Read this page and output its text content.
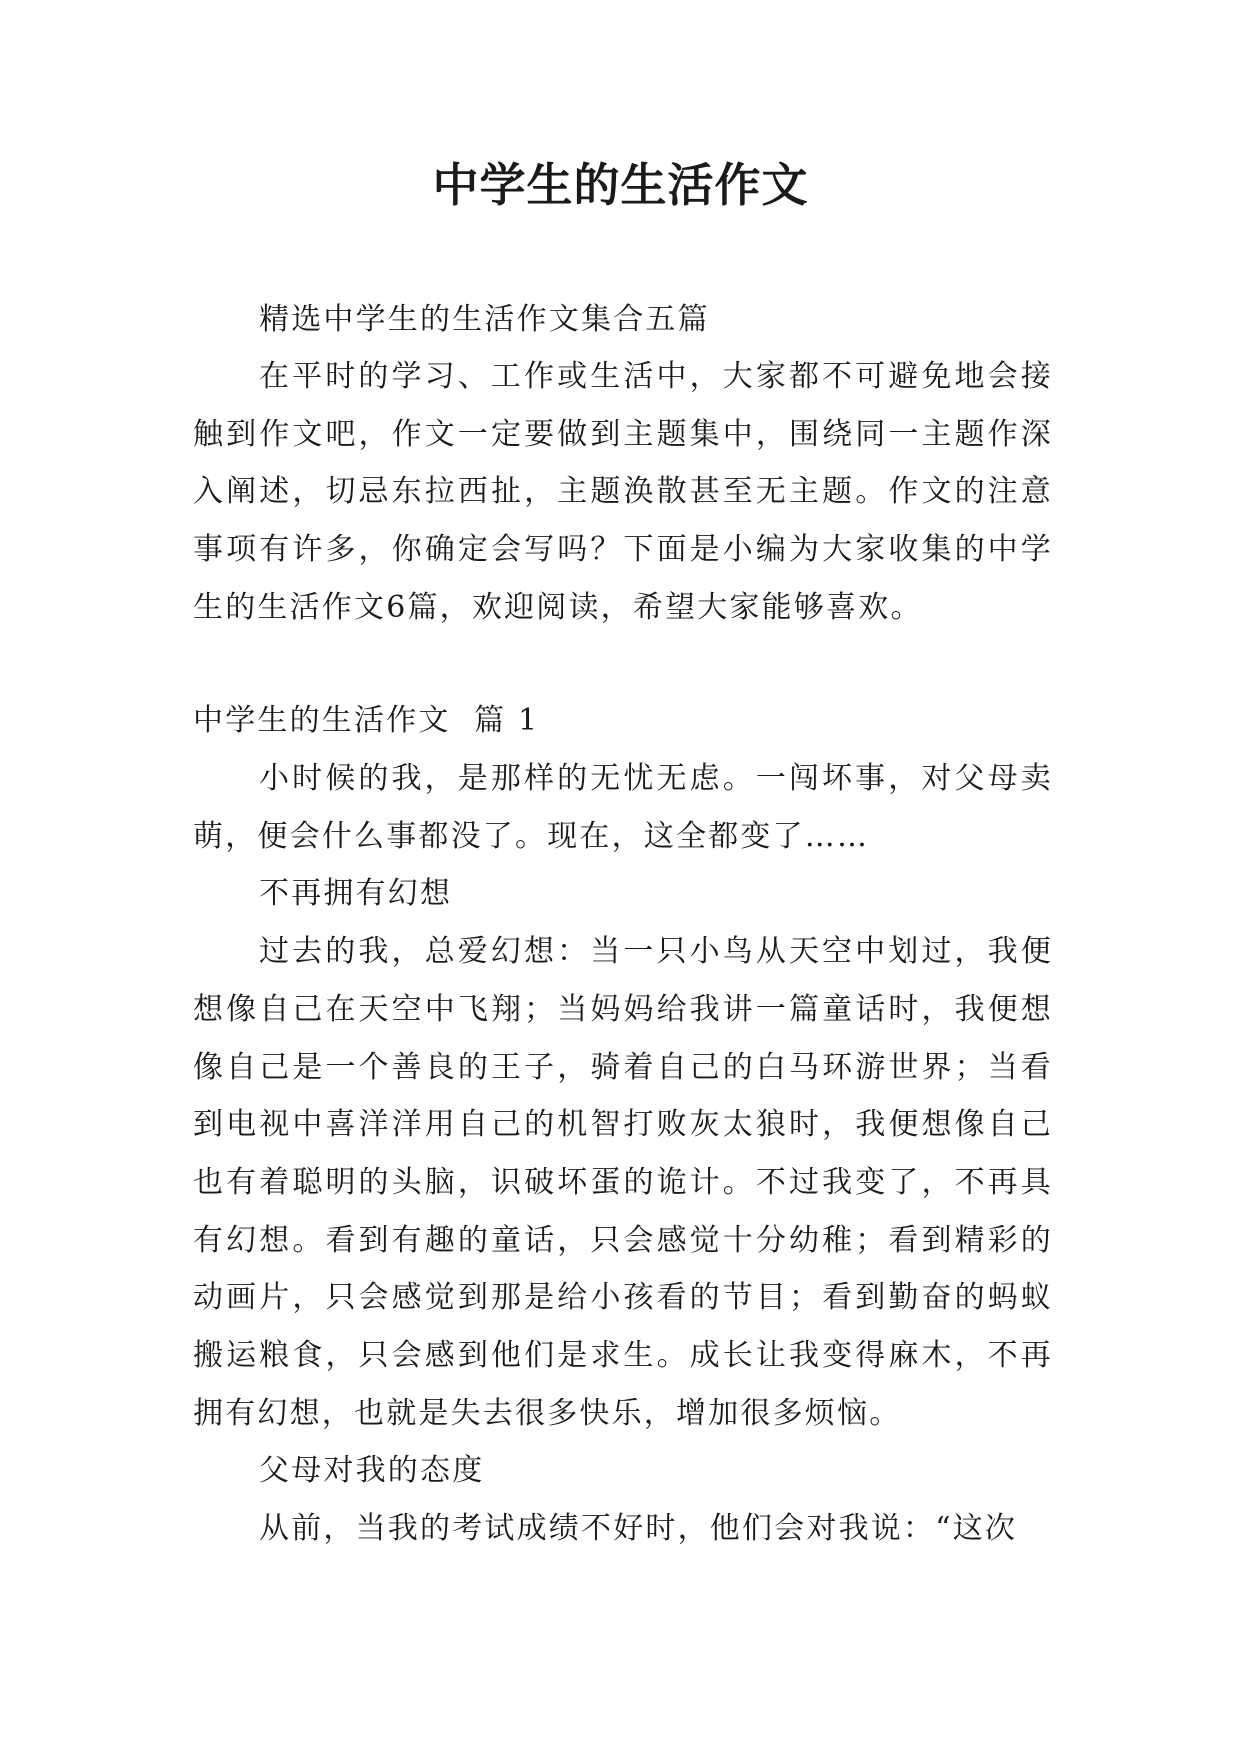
中学生的生活作文

精选中学生的生活作文集合五篇

在平时的学习、工作或生活中，大家都不可避免地会接触到作文吧，作文一定要做到主题集中，围绕同一主题作深入阐述，切忌东拉西扯，主题涣散甚至无主题。作文的注意事项有许多，你确定会写吗？下面是小编为大家收集的中学生的生活作文6篇，欢迎阅读，希望大家能够喜欢。

中学生的生活作文  篇 1

小时候的我，是那样的无忧无虑。一闯坏事，对父母卖萌，便会什么事都没了。现在，这全都变了……

不再拥有幻想

过去的我，总爱幻想：当一只小鸟从天空中划过，我便想像自己在天空中飞翔；当妈妈给我讲一篇童话时，我便想像自己是一个善良的王子，骑着自己的白马环游世界；当看到电视中喜洋洋用自己的机智打败灰太狼时，我便想像自己也有着聪明的头脑，识破坏蛋的诡计。不过我变了，不再具有幻想。看到有趣的童话，只会感觉十分幼稚；看到精彩的动画片，只会感觉到那是给小孩看的节目；看到勤奋的蚂蚁搬运粮食，只会感到他们是求生。成长让我变得麻木，不再拥有幻想，也就是失去很多快乐，增加很多烦恼。

父母对我的态度

从前，当我的考试成绩不好时，他们会对我说：“这次
